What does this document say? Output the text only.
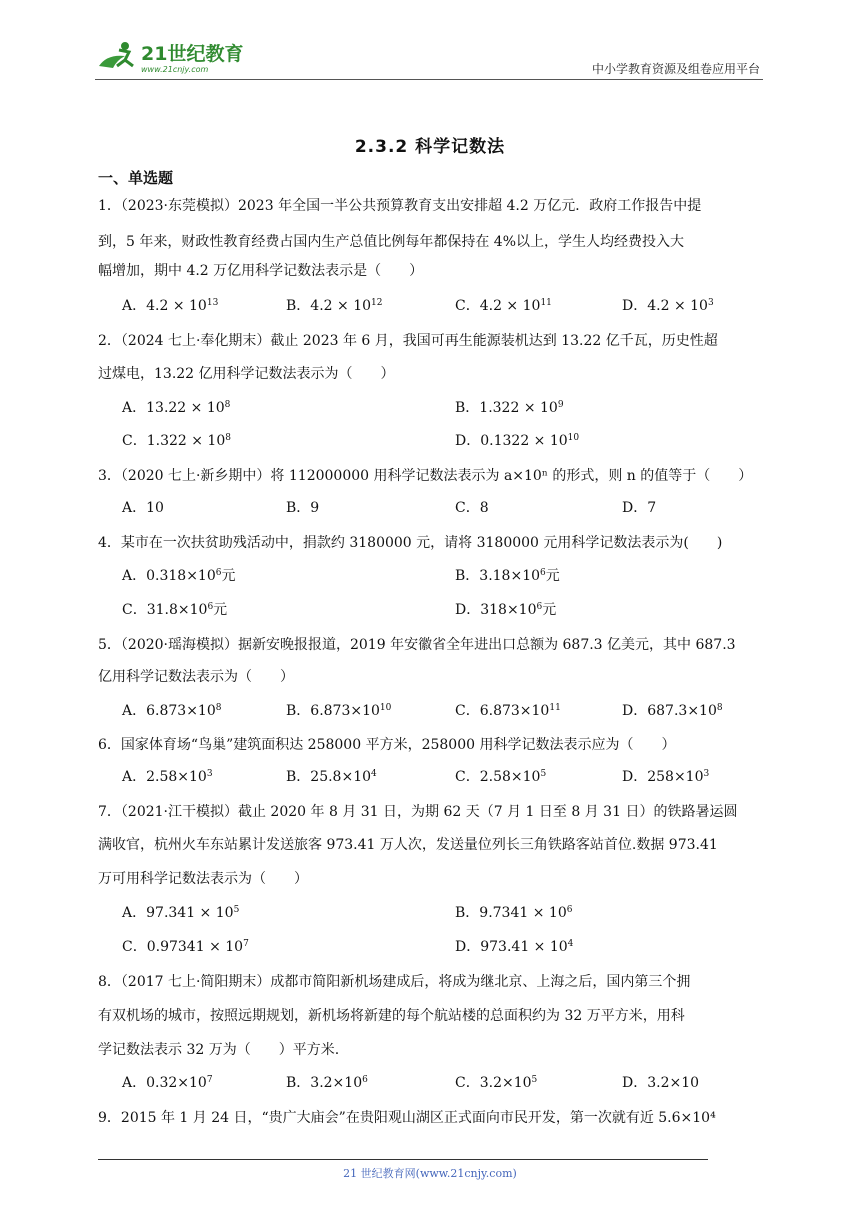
21世纪教育
www.21cnjy.com	中小学教育资源及组卷应用平台
2.3.2 科学记数法
一、单选题
1．（2023·东莞模拟）2023 年全国一半公共预算教育支出安排超 4.2 万亿元．政府工作报告中提
到，5 年来，财政性教育经费占国内生产总值比例每年都保持在 4%以上，学生人均经费投入大
幅增加，期中 4.2 万亿用科学记数法表示是（　　）
A．$4.2 \times 10^{13}$	B．$4.2 \times 10^{12}$	C．$4.2 \times 10^{11}$	D．$4.2 \times 10^3$
2．（2024 七上·奉化期末）截止 2023 年 6 月，我国可再生能源装机达到 13.22 亿千瓦，历史性超
过煤电，13.22 亿用科学记数法表示为（　　）
A．$13.22 \times 10^8$	B．$1.322 \times 10^9$
C．$1.322 \times 10^8$	D．$0.1322 \times 10^{10}$
3．（2020 七上·新乡期中）将 112000000 用科学记数法表示为 a×10ⁿ 的形式，则 n 的值等于（　　）
A．10	B．9	C．8	D．7
4．某市在一次扶贫助残活动中，捐款约 3180000 元，请将 3180000 元用科学记数法表示为(　　)
A．$0.318\times 10^6$元	B．$3.18\times 10^6$元
C．$31.8\times 10^6$元	D．$318\times 10^6$元
5．（2020·瑶海模拟）据新安晚报报道，2019 年安徽省全年进出口总额为 687.3 亿美元，其中 687.3
亿用科学记数法表示为（　　）
A．$6.873\times 10^8$	B．$6.873\times 10^{10}$	C．$6.873\times 10^{11}$	D．$687.3\times 10^8$
6．国家体育场“鸟巢”建筑面积达 258000 平方米，258000 用科学记数法表示应为（　　）
A．$2.58\times 10^3$	B．$25.8\times 10^4$	C．$2.58\times 10^5$	D．$258\times 10^3$
7．（2021·江干模拟）截止 2020 年 8 月 31 日，为期 62 天（7 月 1 日至 8 月 31 日）的铁路暑运圆
满收官，杭州火车东站累计发送旅客 973.41 万人次，发送量位列长三角铁路客站首位.数据 973.41
万可用科学记数法表示为（　　）
A．$97.341 \times 10^5$	B．$9.7341 \times 10^6$
C．$0.97341 \times 10^7$	D．$973.41 \times 10^4$
8．（2017 七上·简阳期末）成都市简阳新机场建成后，将成为继北京、上海之后，国内第三个拥
有双机场的城市，按照远期规划，新机场将新建的每个航站楼的总面积约为 32 万平方米，用科
学记数法表示 32 万为（　　）平方米.
A．$0.32\times 10^7$	B．$3.2\times 10^6$	C．$3.2\times 10^5$	D．3.2×10
9．2015 年 1 月 24 日，“贵广大庙会”在贵阳观山湖区正式面向市民开发，第一次就有近 5.6×10⁴
21 世纪教育网(www.21cnjy.com)
